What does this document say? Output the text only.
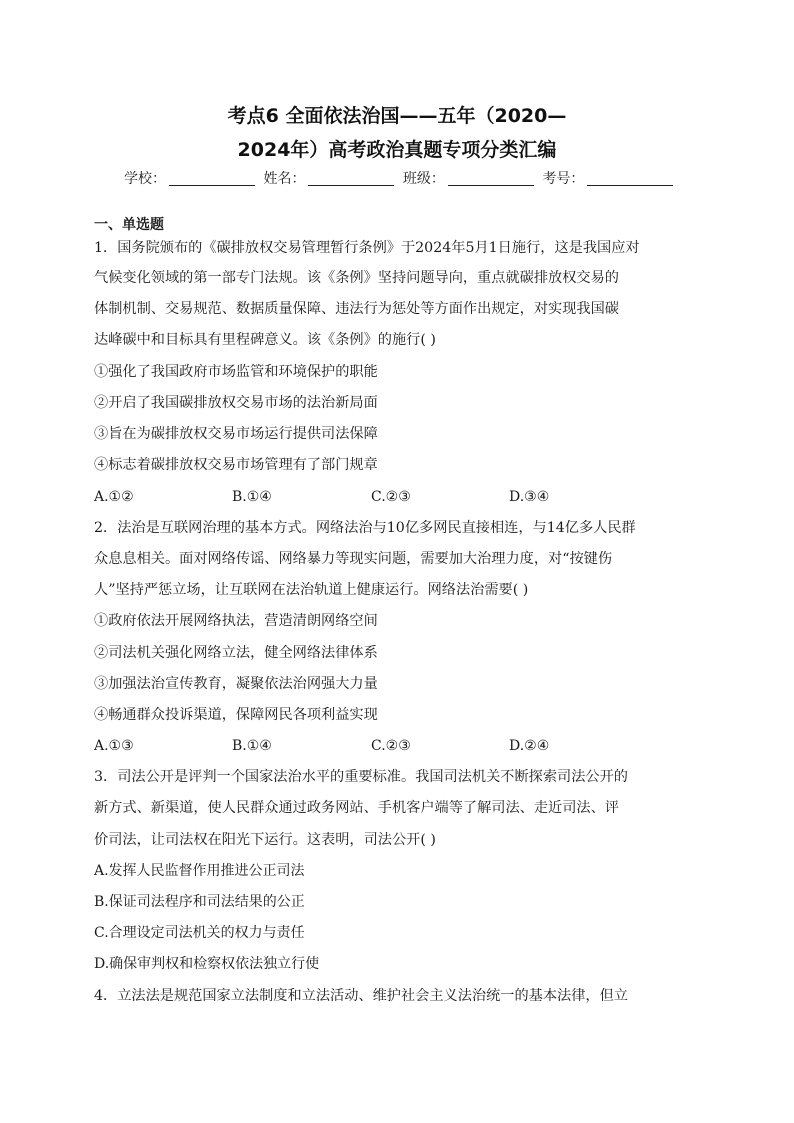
考点6 全面依法治国——五年（2020—
2024年）高考政治真题专项分类汇编
学校：	姓名：	班级：	考号：
一、单选题
1．国务院颁布的《碳排放权交易管理暂行条例》于2024年5月1日施行，这是我国应对
气候变化领域的第一部专门法规。该《条例》坚持问题导向，重点就碳排放权交易的
体制机制、交易规范、数据质量保障、违法行为惩处等方面作出规定，对实现我国碳
达峰碳中和目标具有里程碑意义。该《条例》的施行( )
①强化了我国政府市场监管和环境保护的职能
②开启了我国碳排放权交易市场的法治新局面
③旨在为碳排放权交易市场运行提供司法保障
④标志着碳排放权交易市场管理有了部门规章
A.①②	B.①④	C.②③	D.③④
2．法治是互联网治理的基本方式。网络法治与10亿多网民直接相连，与14亿多人民群
众息息相关。面对网络传谣、网络暴力等现实问题，需要加大治理力度，对“按键伤
人”坚持严惩立场，让互联网在法治轨道上健康运行。网络法治需要( )
①政府依法开展网络执法，营造清朗网络空间
②司法机关强化网络立法，健全网络法律体系
③加强法治宣传教育，凝聚依法治网强大力量
④畅通群众投诉渠道，保障网民各项利益实现
A.①③	B.①④	C.②③	D.②④
3．司法公开是评判一个国家法治水平的重要标准。我国司法机关不断探索司法公开的
新方式、新渠道，使人民群众通过政务网站、手机客户端等了解司法、走近司法、评
价司法，让司法权在阳光下运行。这表明，司法公开( )
A.发挥人民监督作用推进公正司法
B.保证司法程序和司法结果的公正
C.合理设定司法机关的权力与责任
D.确保审判权和检察权依法独立行使
4．立法法是规范国家立法制度和立法活动、维护社会主义法治统一的基本法律，但立
